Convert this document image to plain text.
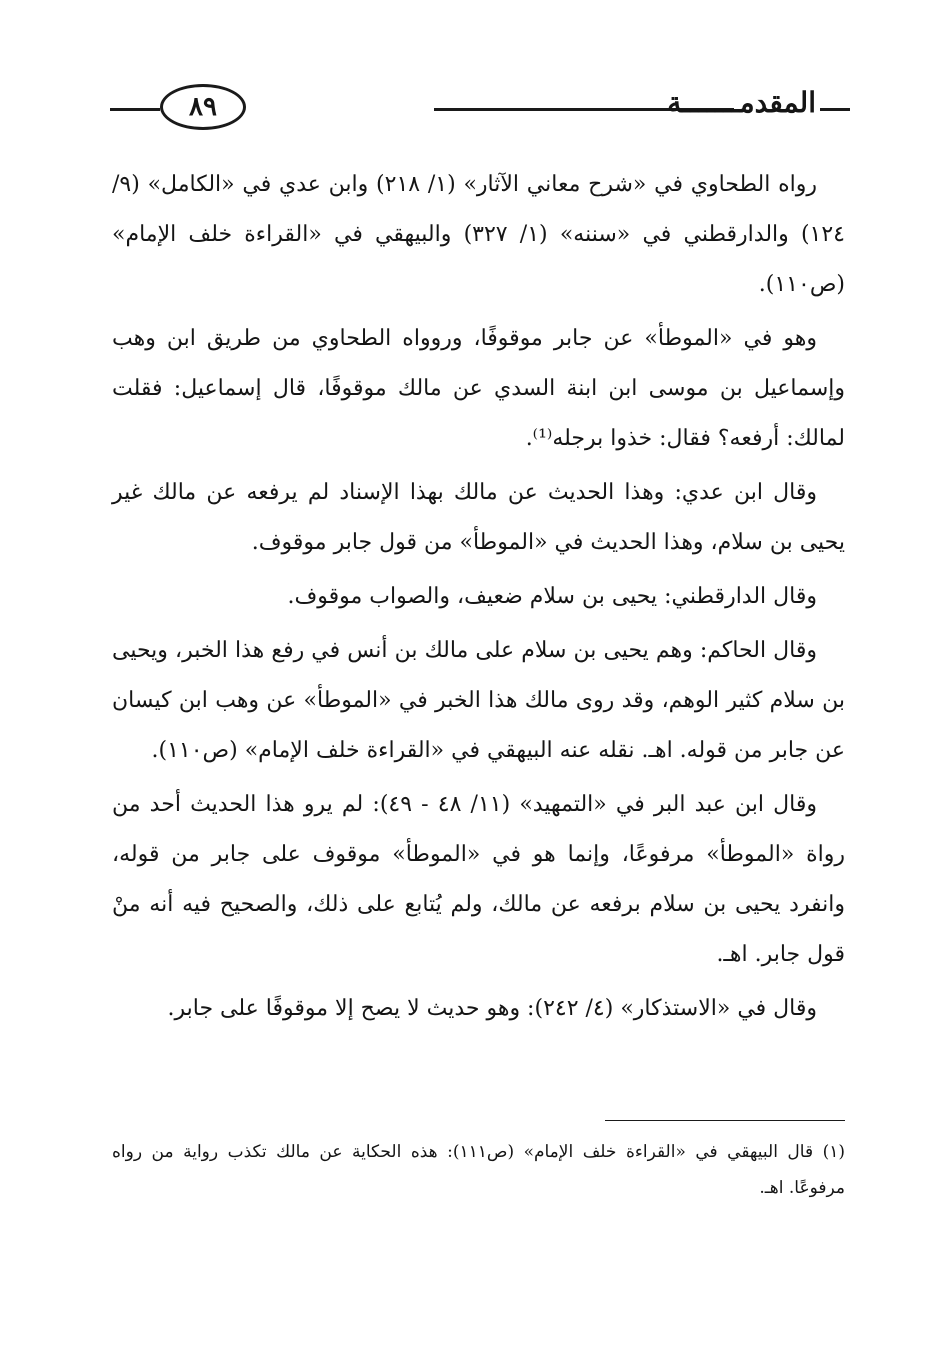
المقدمـــــــة
٨٩

رواه الطحاوي في «شرح معاني الآثار» (١/ ٢١٨) وابن عدي في «الكامل» (٩/ ١٢٤) والدارقطني في «سننه» (١/ ٣٢٧) والبيهقي في «القراءة خلف الإمام» (ص١١٠).

وهو في «الموطأ» عن جابر موقوفًا، وروواه الطحاوي من طريق ابن وهب وإسماعيل بن موسى ابن ابنة السدي عن مالك موقوفًا، قال إسماعيل: فقلت لمالك: أرفعه؟ فقال: خذوا برجله⁽¹⁾.

وقال ابن عدي: وهذا الحديث عن مالك بهذا الإسناد لم يرفعه عن مالك غير يحيى بن سلام، وهذا الحديث في «الموطأ» من قول جابر موقوف.

وقال الدارقطني: يحيى بن سلام ضعيف، والصواب موقوف.

وقال الحاكم: وهم يحيى بن سلام على مالك بن أنس في رفع هذا الخبر، ويحيى بن سلام كثير الوهم، وقد روى مالك هذا الخبر في «الموطأ» عن وهب ابن كيسان عن جابر من قوله. اهـ. نقله عنه البيهقي في «القراءة خلف الإمام» (ص١١٠).

وقال ابن عبد البر في «التمهيد» (١١/ ٤٨ - ٤٩): لم يرو هذا الحديث أحد من رواة «الموطأ» مرفوعًا، وإنما هو في «الموطأ» موقوف على جابر من قوله، وانفرد يحيى بن سلام برفعه عن مالك، ولم يُتابع على ذلك، والصحيح فيه أنه منْ قول جابر. اهـ.

وقال في «الاستذكار» (٤/ ٢٤٢): وهو حديث لا يصح إلا موقوفًا على جابر.

(١) قال البيهقي في «القراءة خلف الإمام» (ص١١١): هذه الحكاية عن مالك تكذب رواية من رواه مرفوعًا. اهـ.
